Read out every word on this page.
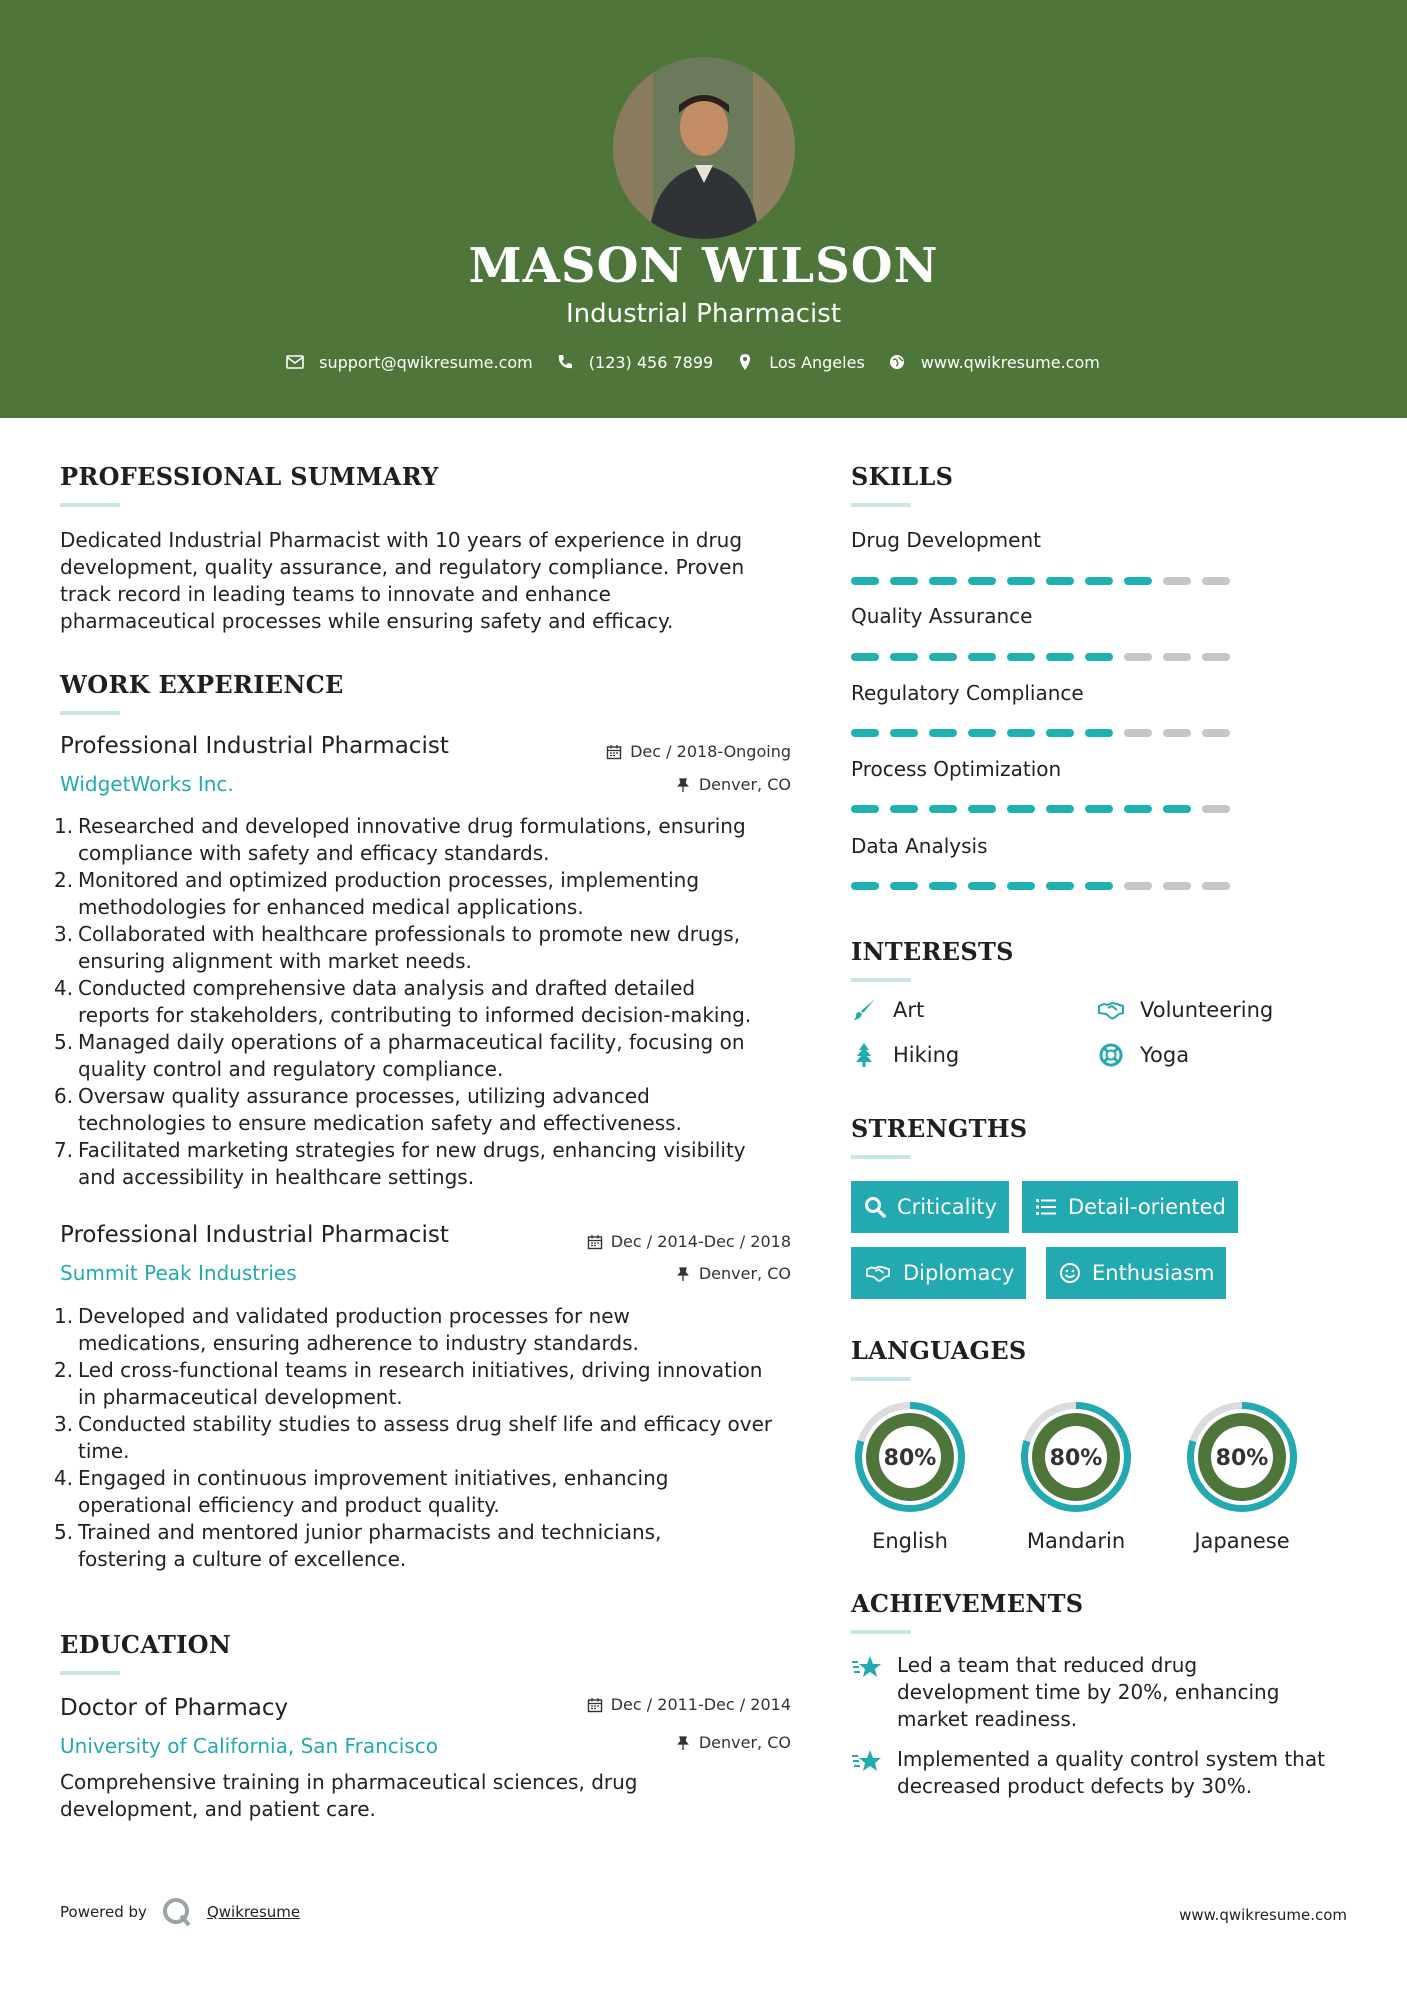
MASON WILSON
Industrial Pharmacist
support@qwikresume.com	(123) 456 7899	Los Angeles	www.qwikresume.com
PROFESSIONAL SUMMARY
Dedicated Industrial Pharmacist with 10 years of experience in drug
development, quality assurance, and regulatory compliance. Proven
track record in leading teams to innovate and enhance
pharmaceutical processes while ensuring safety and efficacy.
WORK EXPERIENCE
Professional Industrial Pharmacist
WidgetWorks Inc.
Dec / 2018-Ongoing
Denver, CO
1. Researched and developed innovative drug formulations, ensuring
compliance with safety and efficacy standards.
2. Monitored and optimized production processes, implementing
methodologies for enhanced medical applications.
3. Collaborated with healthcare professionals to promote new drugs,
ensuring alignment with market needs.
4. Conducted comprehensive data analysis and drafted detailed
reports for stakeholders, contributing to informed decision-making.
5. Managed daily operations of a pharmaceutical facility, focusing on
quality control and regulatory compliance.
6. Oversaw quality assurance processes, utilizing advanced
technologies to ensure medication safety and effectiveness.
7. Facilitated marketing strategies for new drugs, enhancing visibility
and accessibility in healthcare settings.
Professional Industrial Pharmacist
Summit Peak Industries
Dec / 2014-Dec / 2018
Denver, CO
1. Developed and validated production processes for new
medications, ensuring adherence to industry standards.
2. Led cross-functional teams in research initiatives, driving innovation
in pharmaceutical development.
3. Conducted stability studies to assess drug shelf life and efficacy over
time.
4. Engaged in continuous improvement initiatives, enhancing
operational efficiency and product quality.
5. Trained and mentored junior pharmacists and technicians,
fostering a culture of excellence.
EDUCATION
Doctor of Pharmacy
University of California, San Francisco
Dec / 2011-Dec / 2014
Denver, CO
Comprehensive training in pharmaceutical sciences, drug
development, and patient care.
SKILLS
Drug Development
Quality Assurance
Regulatory Compliance
Process Optimization
Data Analysis
INTERESTS
Art	Volunteering
Hiking	Yoga
STRENGTHS
Criticality	Detail-oriented
Diplomacy	Enthusiasm
LANGUAGES
80%
English
80%
Mandarin
80%
Japanese
ACHIEVEMENTS
Led a team that reduced drug
development time by 20%, enhancing
market readiness.
Implemented a quality control system that
decreased product defects by 30%.
Powered by	Qwikresume	www.qwikresume.com
